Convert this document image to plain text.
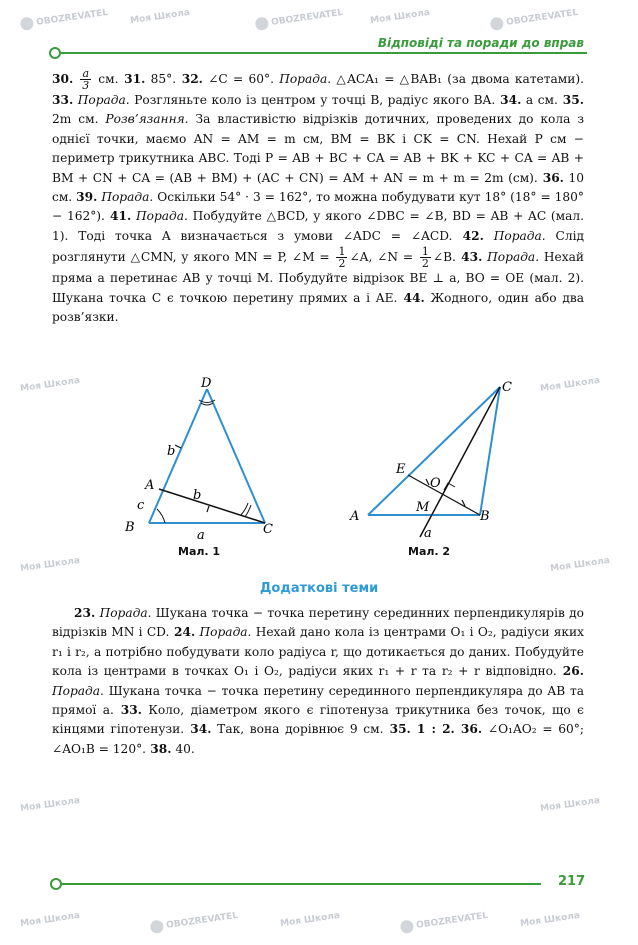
OBOZREVATEL Моя Школа	OBOZREVATEL	Моя Школа	OBOZREVATEL
Моя Школа	Моя Школа
Моя Школа	Моя Школа
Моя Школа	Моя Школа
Моя Школа	OBOZREVATEL	Моя Школа	OBOZREVATEL	Моя Школа
Відповіді та поради до вправ

30. $\frac{a}{3}$ см. 31. 85°. 32. ∠C = 60°. Порада. △ACA₁ = △BAB₁ (за двома катетами). 33. Порада. Розгляньте коло із центром у точці B, радіус якого BA. 34. a см. 35. 2m см. Розв’язання. За властивістю відрізків дотичних, проведених до кола з однієї точки, маємо AN = AM = m см, BM = BK і CK = CN. Нехай P см − периметр трикутника ABC. Тоді P = AB + BC + CA = AB + BK + KC + CA = AB + BM + CN + CA = (AB + BM) + (AC + CN) = AM + AN = m + m = 2m (см). 36. 10 см. 39. Порада. Оскільки 54° · 3 = 162°, то можна побудувати кут 18° (18° = 180° − 162°). 41. Порада. Побудуйте △BCD, у якого ∠DBC = ∠B, BD = AB + AC (мал. 1). Тоді точка A визначається з умови ∠ADC = ∠ACD. 42. Порада. Слід розглянути △CMN, у якого MN = P, ∠M = $\frac{1}{2}$ ∠A, ∠N = $\frac{1}{2}$ ∠B. 43. Порада. Нехай пряма a перетинає AB у точці M. Побудуйте відрізок BE ⊥ a, BO = OE (мал. 2). Шукана точка C є точкою перетину прямих a і AE. 44. Жодного, один або два розв’язки.

D
A
B	C
b
b
c
a
Мал. 1
C
E
O
M
A	B
a
Мал. 2
Додаткові теми

23. Порада. Шукана точка − точка перетину серединних перпендикулярів до відрізків MN і CD. 24. Порада. Нехай дано кола із центрами O₁ і O₂, радіуси яких r₁ і r₂, а потрібно побудувати коло радіуса r, що дотикається до даних. Побудуйте кола із центрами в точках O₁ і O₂, радіуси яких r₁ + r та r₂ + r відповідно. 26. Порада. Шукана точка − точка перетину серединного перпендикуляра до AB та прямої a. 33. Коло, діаметром якого є гіпотенуза трикутника без точок, що є кінцями гіпотенузи. 34. Так, вона дорівнює 9 см. 35. 1 : 2. 36. ∠O₁AO₂ = 60°; ∠AO₁B = 120°. 38. 40.

217
